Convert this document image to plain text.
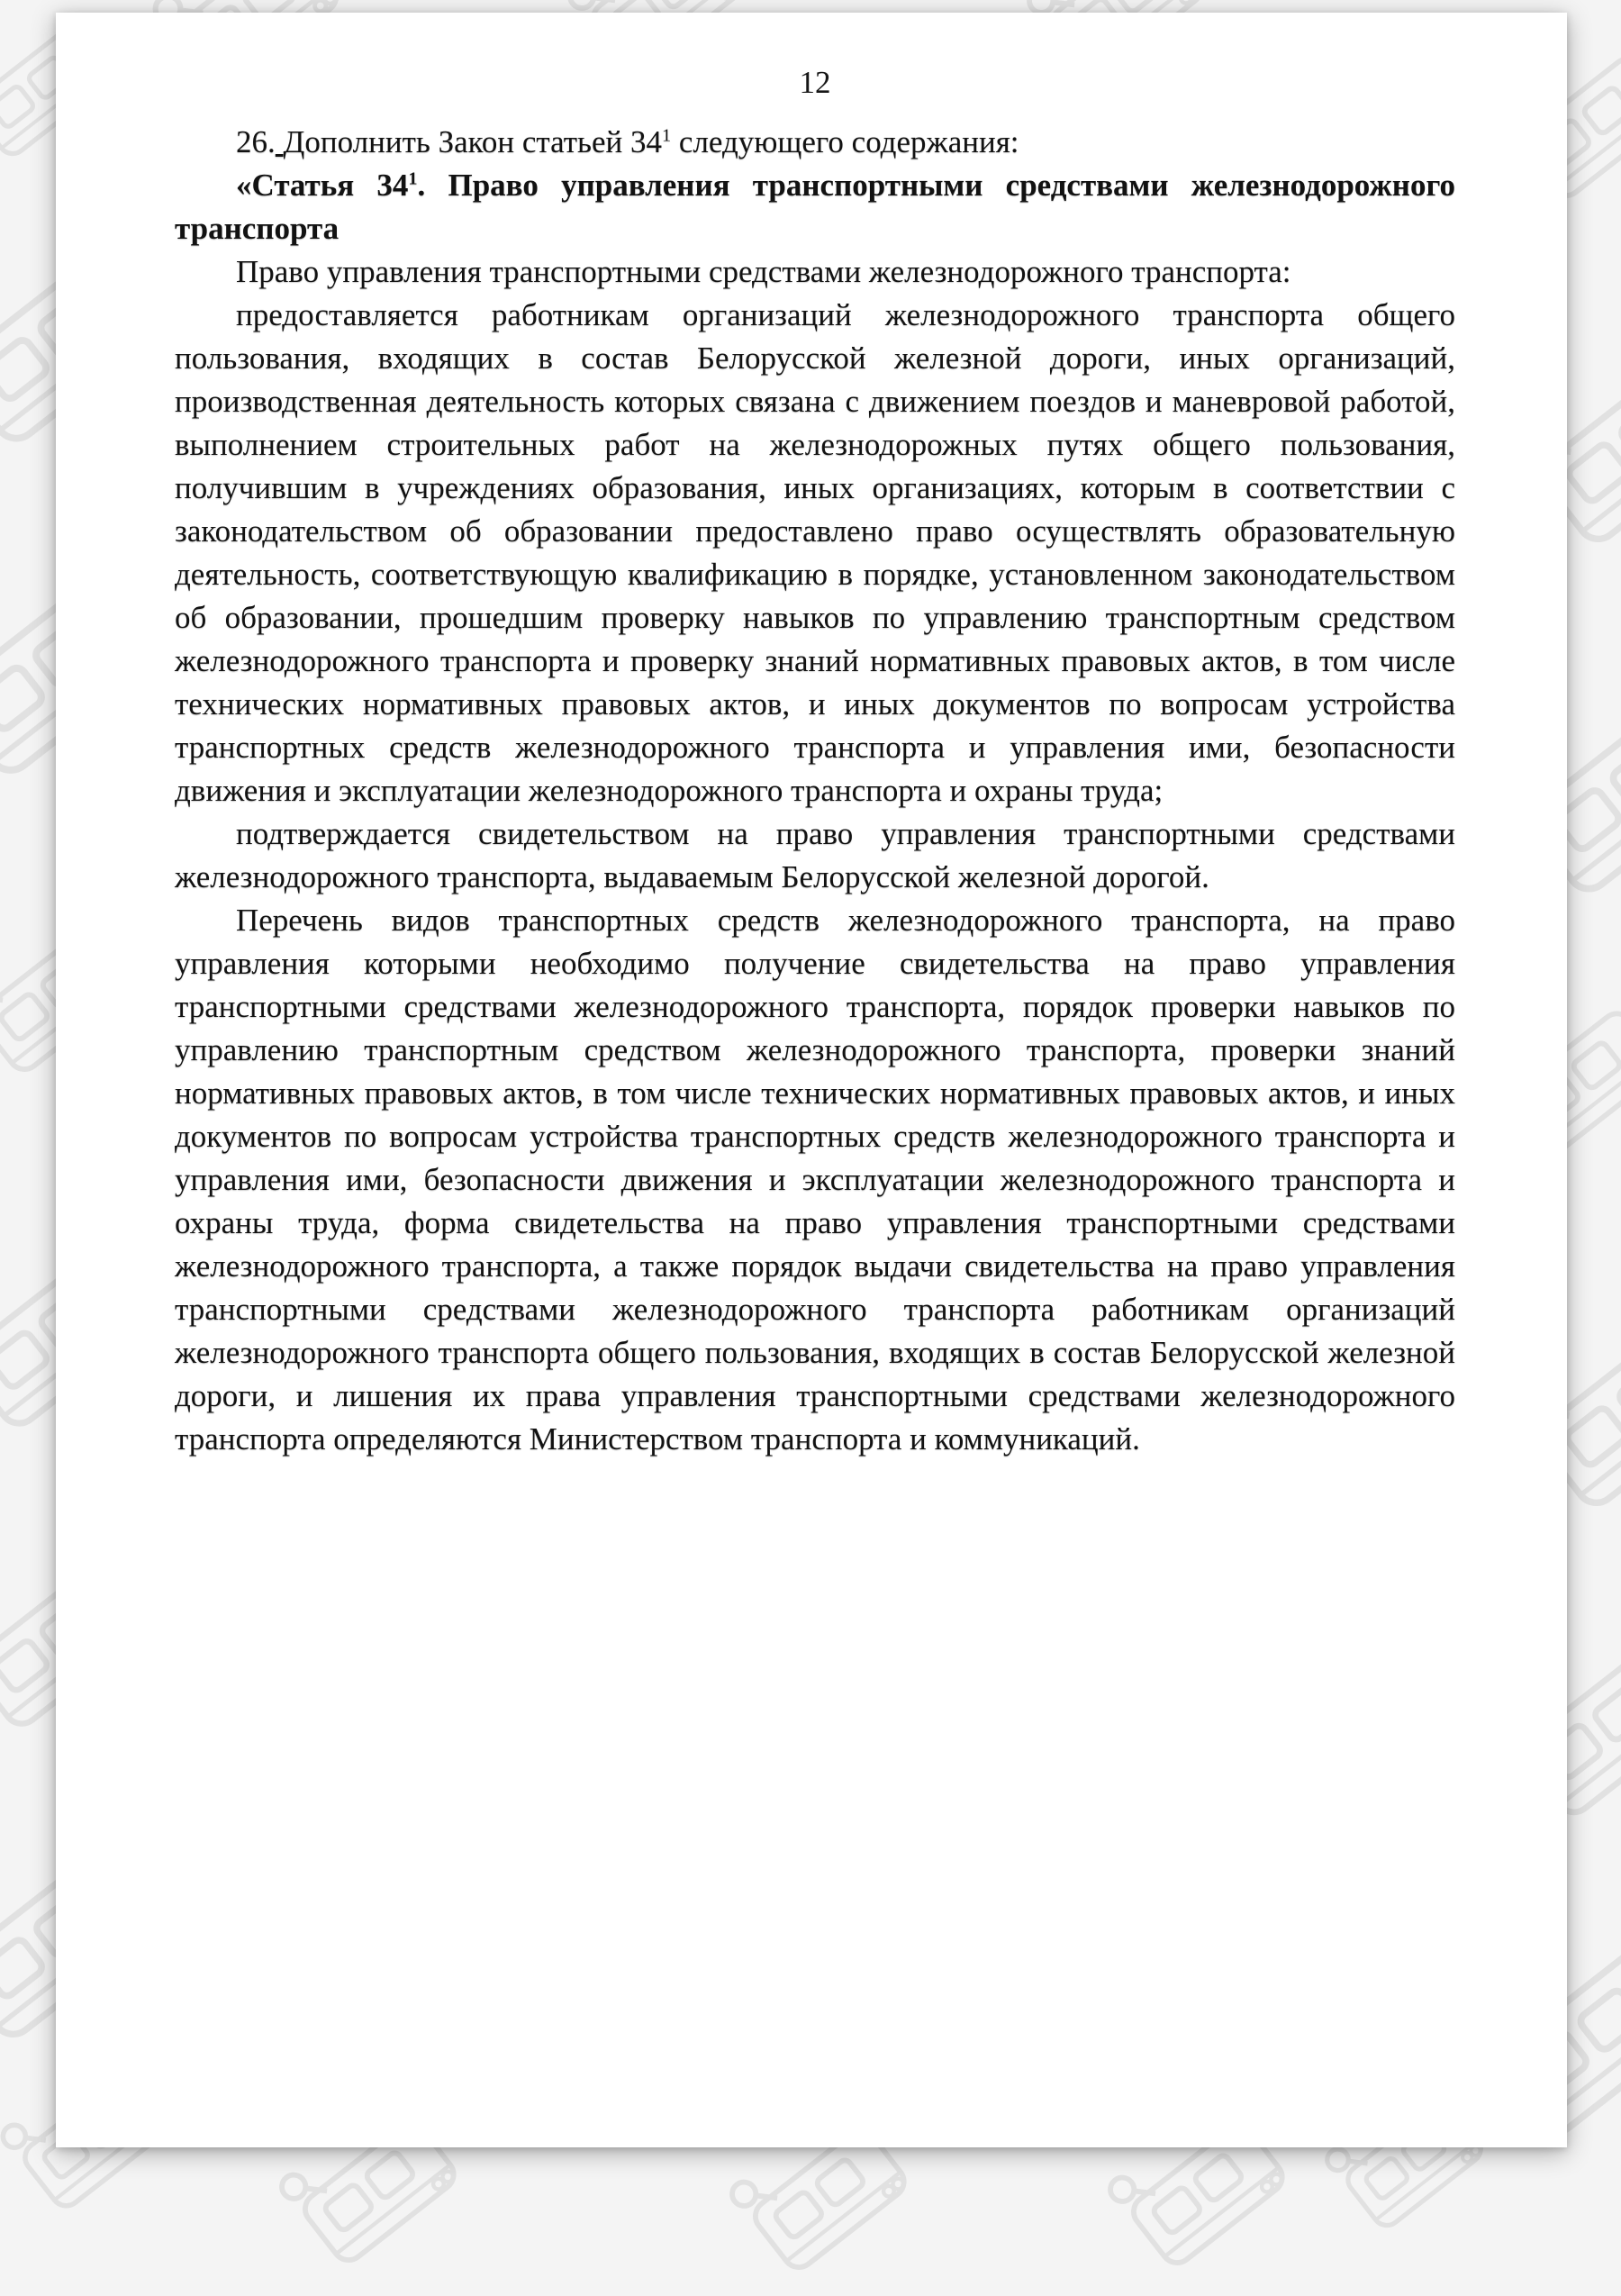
12

26. Дополнить Закон статьей $34^1$ следующего содержания:

«Статья $34^1$. Право управления транспортными средствами железнодорожного транспорта

Право управления транспортными средствами железнодорожного транспорта:

предоставляется работникам организаций железнодорожного транспорта общего пользования, входящих в состав Белорусской железной дороги, иных организаций, производственная деятельность которых связана с движением поездов и маневровой работой, выполнением строительных работ на железнодорожных путях общего пользования, получившим в учреждениях образования, иных организациях, которым в соответствии с законодательством об образовании предоставлено право осуществлять образовательную деятельность, соответствующую квалификацию в порядке, установленном законодательством об образовании, прошедшим проверку навыков по управлению транспортным средством железнодорожного транспорта и проверку знаний нормативных правовых актов, в том числе технических нормативных правовых актов, и иных документов по вопросам устройства транспортных средств железнодорожного транспорта и управления ими, безопасности движения и эксплуатации железнодорожного транспорта и охраны труда;

подтверждается свидетельством на право управления транспортными средствами железнодорожного транспорта, выдаваемым Белорусской железной дорогой.

Перечень видов транспортных средств железнодорожного транспорта, на право управления которыми необходимо получение свидетельства на право управления транспортными средствами железнодорожного транспорта, порядок проверки навыков по управлению транспортным средством железнодорожного транспорта, проверки знаний нормативных правовых актов, в том числе технических нормативных правовых актов, и иных документов по вопросам устройства транспортных средств железнодорожного транспорта и управления ими, безопасности движения и эксплуатации железнодорожного транспорта и охраны труда, форма свидетельства на право управления транспортными средствами железнодорожного транспорта, а также порядок выдачи свидетельства на право управления транспортными средствами железнодорожного транспорта работникам организаций железнодорожного транспорта общего пользования, входящих в состав Белорусской железной дороги, и лишения их права управления транспортными средствами железнодорожного транспорта определяются Министерством транспорта и коммуникаций.
